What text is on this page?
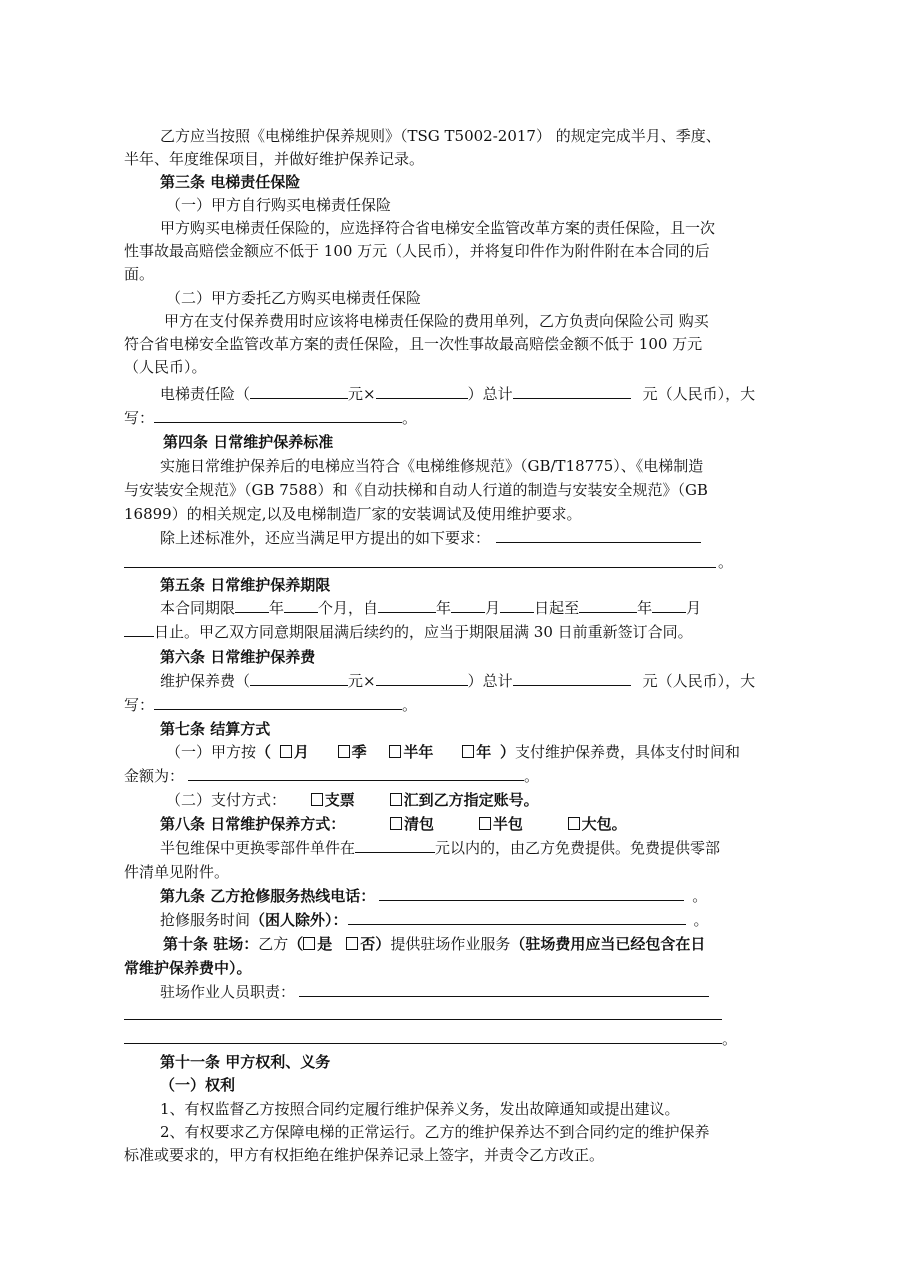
乙方应当按照《电梯维护保养规则》（TSG T5002-2017） 的规定完成半月、季度、
半年、年度维保项目，并做好维护保养记录。
第三条 电梯责任保险
（一）甲方自行购买电梯责任保险
甲方购买电梯责任保险的，应选择符合省电梯安全监管改革方案的责任保险，且一次
性事故最高赔偿金额应不低于 100 万元（人民币），并将复印件作为附件附在本合同的后
面。
（二）甲方委托乙方购买电梯责任保险
甲方在支付保养费用时应该将电梯责任保险的费用单列，乙方负责向保险公司 购买
符合省电梯安全监管改革方案的责任保险，且一次性事故最高赔偿金额不低于 100 万元
（人民币）。
电梯责任险（	元×	）总计	元（人民币），大
写：	。
第四条 日常维护保养标准
实施日常维护保养后的电梯应当符合《电梯维修规范》（GB/T18775）、《电梯制造
与安装安全规范》（GB 7588）和《自动扶梯和自动人行道的制造与安装安全规范》（GB
16899）的相关规定,以及电梯制造厂家的安装调试及使用维护要求。
除上述标准外，还应当满足甲方提出的如下要求：
。
第五条 日常维护保养期限
本合同期限 年 个月，自	年 月 日起至	年 月
日止。甲乙双方同意期限届满后续约的，应当于期限届满 30 日前重新签订合同。
第六条 日常维护保养费
维护保养费（	元×	）总计	元（人民币），大
写：	。
第七条 结算方式
（一）甲方按（ 月	季 半年	年 ）支付维护保养费，具体支付时间和
金额为：	。
（二）支付方式：	支票	汇到乙方指定账号。
第八条 日常维护保养方式：	清包	半包	大包。
半包维保中更换零部件单件在	元以内的，由乙方免费提供。免费提供零部
件清单见附件。
第九条 乙方抢修服务热线电话：	。
抢修服务时间（困人除外）：	。
第十条 驻场：乙方（ 是 否）提供驻场作业服务（驻场费用应当已经包含在日
常维护保养费中）。
驻场作业人员职责：
。
第十一条 甲方权利、义务
（一）权利
1、有权监督乙方按照合同约定履行维护保养义务，发出故障通知或提出建议。
2、有权要求乙方保障电梯的正常运行。乙方的维护保养达不到合同约定的维护保养
标准或要求的，甲方有权拒绝在维护保养记录上签字，并责令乙方改正。
